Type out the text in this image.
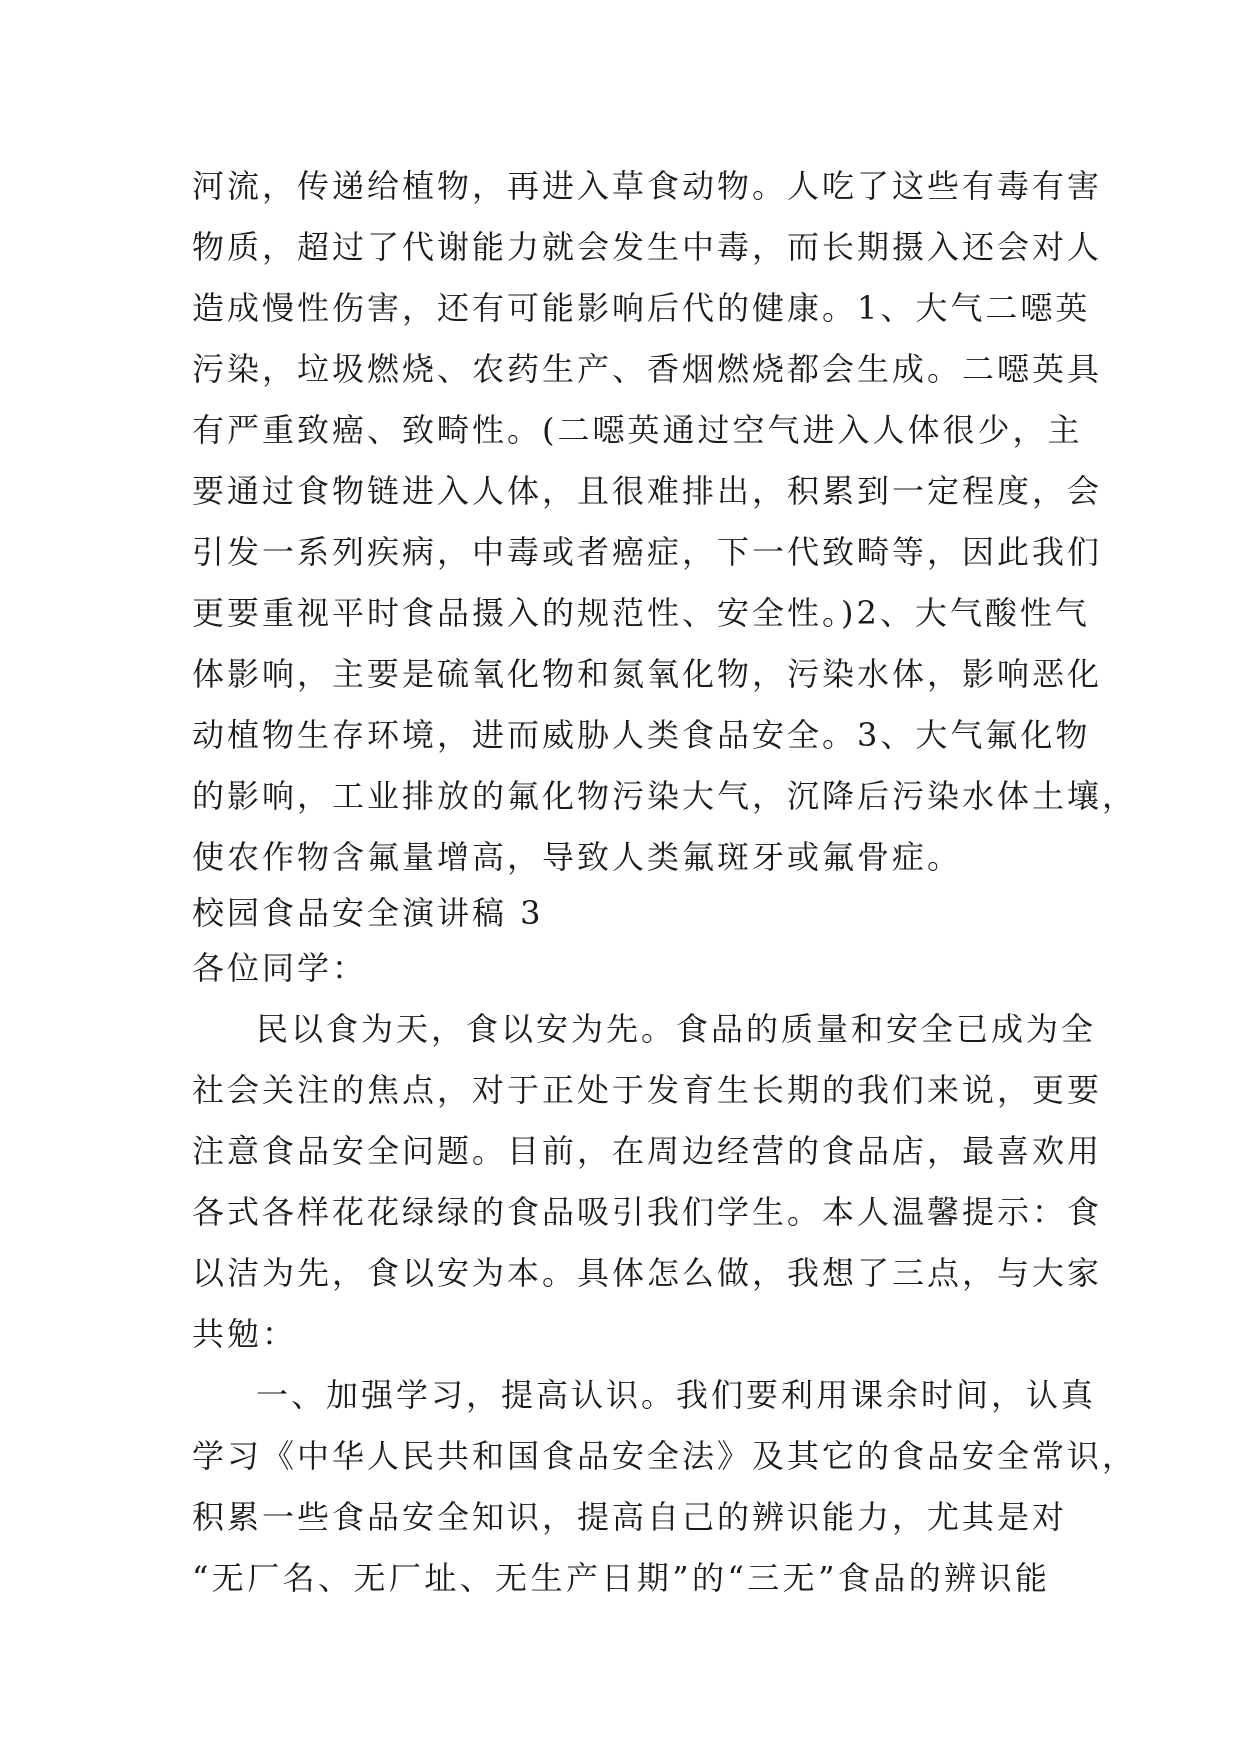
河流，传递给植物，再进入草食动物。人吃了这些有毒有害
物质，超过了代谢能力就会发生中毒，而长期摄入还会对人
造成慢性伤害，还有可能影响后代的健康。1、大气二噁英
污染，垃圾燃烧、农药生产、香烟燃烧都会生成。二噁英具
有严重致癌、致畸性。(二噁英通过空气进入人体很少，主
要通过食物链进入人体，且很难排出，积累到一定程度，会
引发一系列疾病，中毒或者癌症，下一代致畸等，因此我们
更要重视平时食品摄入的规范性、安全性。)2、大气酸性气
体影响，主要是硫氧化物和氮氧化物，污染水体，影响恶化
动植物生存环境，进而威胁人类食品安全。3、大气氟化物
的影响，工业排放的氟化物污染大气，沉降后污染水体土壤，
使农作物含氟量增高，导致人类氟斑牙或氟骨症。
校园食品安全演讲稿 3
各位同学：
民以食为天，食以安为先。食品的质量和安全已成为全
社会关注的焦点，对于正处于发育生长期的我们来说，更要
注意食品安全问题。目前，在周边经营的食品店，最喜欢用
各式各样花花绿绿的食品吸引我们学生。本人温馨提示：食
以洁为先，食以安为本。具体怎么做，我想了三点，与大家
共勉：
一、加强学习，提高认识。我们要利用课余时间，认真
学习《中华人民共和国食品安全法》及其它的食品安全常识，
积累一些食品安全知识，提高自己的辨识能力，尤其是对
“无厂名、无厂址、无生产日期”的“三无”食品的辨识能
